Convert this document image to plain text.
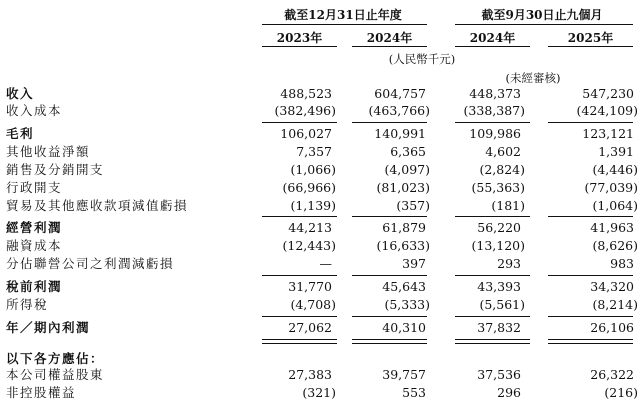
截至12月31日止年度	截至9月30日止九個月
2023年	2024年	2024年	2025年
(人民幣千元)
(未經審核)
收入	488,523	604,757	448,373	547,230
收入成本	(382,496)	(463,766)	(338,387)	(424,109)
毛利	106,027	140,991	109,986	123,121
其他收益淨額	7,357	6,365	4,602	1,391
銷售及分銷開支	(1,066)	(4,097)	(2,824)	(4,446)
行政開支	(66,966)	(81,023)	(55,363)	(77,039)
貿易及其他應收款項減值虧損	(1,139)	(357)	(181)	(1,064)
經營利潤	44,213	61,879	56,220	41,963
融資成本	(12,443)	(16,633)	(13,120)	(8,626)
分佔聯營公司之利潤減虧損	—	397	293	983
稅前利潤	31,770	45,643	43,393	34,320
所得稅	(4,708)	(5,333)	(5,561)	(8,214)
年／期內利潤	27,062	40,310	37,832	26,106
以下各方應佔：
本公司權益股東	27,383	39,757	37,536	26,322
非控股權益	(321)	553	296	(216)
